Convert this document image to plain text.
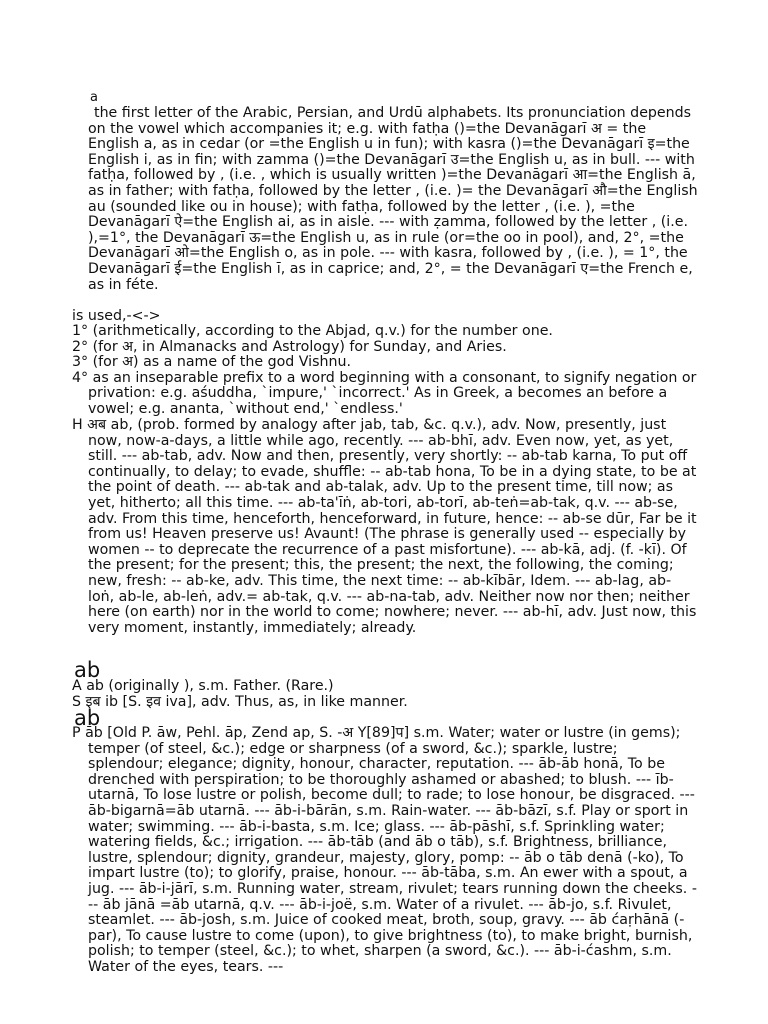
a
the first letter of the Arabic, Persian, and Urdū alphabets. Its pronunciation depends on the vowel which accompanies it; e.g. with fatḥa ()=the Devanāgarī अ = the English a, as in cedar (or =the English u in fun); with kasra ()=the Devanāgarī इ=the English i, as in fin; with zamma ()=the Devanāgarī उ=the English u, as in bull. --- with fatḥa, followed by , (i.e. , which is usually written )=the Devanāgarī आ=the English ā, as in father; with fatḥa, followed by the letter , (i.e. )= the Devanāgarī औ=the English au (sounded like ou in house); with fatḥa, followed by the letter , (i.e. ), =the Devanāgarī ऐ=the English ai, as in aisle. --- with ẓamma, followed by the letter , (i.e. ),=1°, the Devanāgarī ऊ=the English u, as in rule (or=the oo in pool), and, 2°, =the Devanāgarī ओ=the English o, as in pole. --- with kasra, followed by , (i.e. ), = 1°, the Devanāgarī ई=the English ī, as in caprice; and, 2°, = the Devanāgarī ए=the French e, as in féte.
is used,-<->
1° (arithmetically, according to the Abjad, q.v.) for the number one.
2° (for अ, in Almanacks and Astrology) for Sunday, and Aries.
3° (for अ) as a name of the god Vishnu.
4° as an inseparable prefix to a word beginning with a consonant, to signify negation or privation: e.g. aśuddha, `impure,' `incorrect.' As in Greek, a becomes an before a vowel; e.g. ananta, `without end,' `endless.'
H अब ab, (prob. formed by analogy after jab, tab, &c. q.v.), adv. Now, presently, just now, now-a-days, a little while ago, recently. --- ab-bhī, adv. Even now, yet, as yet, still. --- ab-tab, adv. Now and then, presently, very shortly: -- ab-tab karna, To put off continually, to delay; to evade, shuffle: -- ab-tab hona, To be in a dying state, to be at the point of death. --- ab-tak and ab-talak, adv. Up to the present time, till now; as yet, hitherto; all this time. --- ab-ta'īṅ, ab-tori, ab-torī, ab-teṅ=ab-tak, q.v. --- ab-se, adv. From this time, henceforth, henceforward, in future, hence: -- ab-se dūr, Far be it from us! Heaven preserve us! Avaunt! (The phrase is generally used -- especially by women -- to deprecate the recurrence of a past misfortune). --- ab-kā, adj. (f. -kī). Of the present; for the present; this, the present; the next, the following, the coming; new, fresh: -- ab-ke, adv. This time, the next time: -- ab-kībār, Idem. --- ab-lag, ab-loṅ, ab-le, ab-leṅ, adv.= ab-tak, q.v. --- ab-na-tab, adv. Neither now nor then; neither here (on earth) nor in the world to come; nowhere; never. --- ab-hī, adv. Just now, this very moment, instantly, immediately; already.
ab
A ab (originally ), s.m. Father. (Rare.)
S इब ib [S. इव iva], adv. Thus, as, in like manner.
ab
P āb [Old P. āw, Pehl. āp, Zend ap, S. -अ Y[89]प] s.m. Water; water or lustre (in gems); temper (of steel, &c.); edge or sharpness (of a sword, &c.); sparkle, lustre; splendour; elegance; dignity, honour, character, reputation. --- āb-āb honā, To be drenched with perspiration; to be thoroughly ashamed or abashed; to blush. --- īb-utarnā, To lose lustre or polish, become dull; to rade; to lose honour, be disgraced. --- āb-bigarnā=āb utarnā. --- āb-i-bārān, s.m. Rain-water. --- āb-bāzī, s.f. Play or sport in water; swimming. --- āb-i-basta, s.m. Ice; glass. --- āb-pāshī, s.f. Sprinkling water; watering fields, &c.; irrigation. --- āb-tāb (and āb o tāb), s.f. Brightness, brilliance, lustre, splendour; dignity, grandeur, majesty, glory, pomp: -- āb o tāb denā (-ko), To impart lustre (to); to glorify, praise, honour. --- āb-tāba, s.m. An ewer with a spout, a jug. --- āb-i-jārī, s.m. Running water, stream, rivulet; tears running down the cheeks. --- āb jānā =āb utarnā, q.v. --- āb-i-joë, s.m. Water of a rivulet. --- āb-jo, s.f. Rivulet, steamlet. --- āb-josh, s.m. Juice of cooked meat, broth, soup, gravy. --- āb ćaṛhānā (-par), To cause lustre to come (upon), to give brightness (to), to make bright, burnish, polish; to temper (steel, &c.); to whet, sharpen (a sword, &c.). --- āb-i-ćashm, s.m. Water of the eyes, tears. ---
